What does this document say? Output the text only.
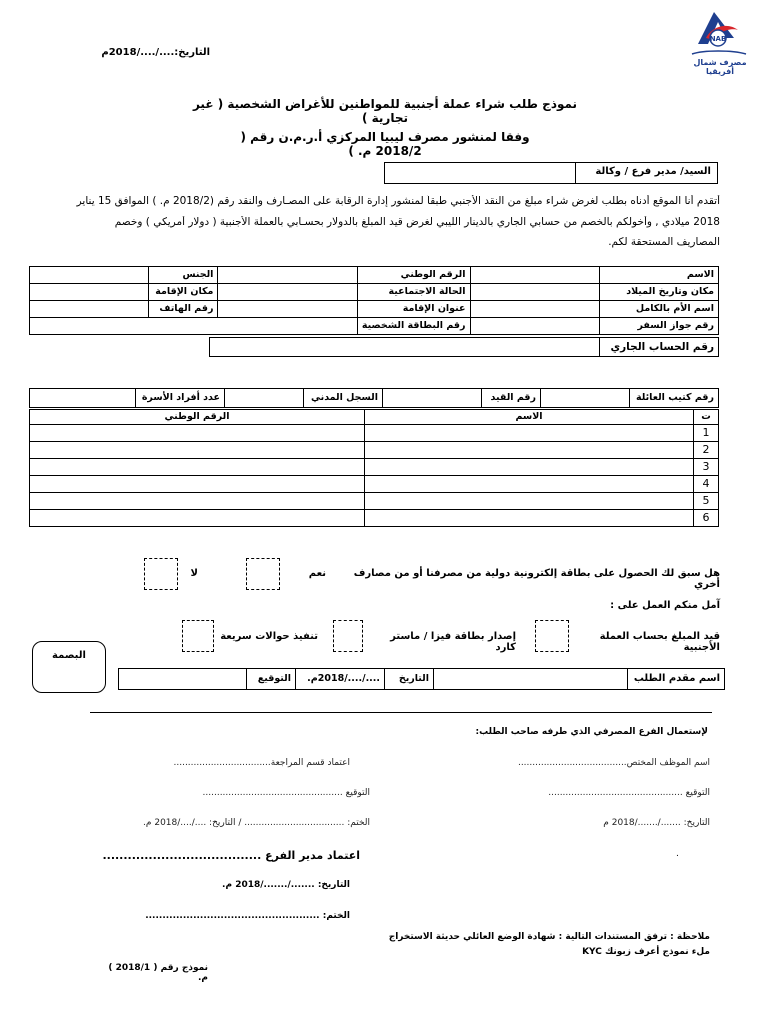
NAB
مصرف شمال أفريقيا
التاريخ:..../..../2018م
نموذج طلب شراء عملة أجنبية للمواطنين للأغراض الشخصية ( غير تجارية )
وفقا لمنشور مصرف ليبيا المركزي أ.ر.م.ن رقم ( 2018/2 م. )
السيد/ مدير فرع / وكالة
أتقدم أنا الموقع أدناه بطلب لغرض شراء مبلغ من النقد الأجنبي طبقاً لمنشور إدارة الرقابة على المصـارف والنقد رقم (2018/2 م. ) الموافق 15 يناير
2018 ميلادي , وأخولكم بالخصم من حسابي الجاري بالدينار الليبي لغرض قيد المبلغ بالدولار بحسـابي بالعملة الأجنبية ( دولار أمريكي ) وخصم
المصاريف المستحقة لكم.
الاسم		الرقم الوطني		الجنس	
مكان وتاريخ الميلاد		الحالة الاجتماعية		مكان الإقامة	
اسم الأم بالكامل		عنوان الإقامة		رقم الهاتف	
رقم جواز السفر		رقم البطاقة الشخصية			
رقم الحساب الجاري	
رقم كتيب العائلة		رقم القيد		السجل المدني		عدد أفراد الأسرة	
ت	الاسم	الرقم الوطني
1		
2		
3		
4		
5		
6		
هل سبق لك الحصول على بطاقة إلكترونية دولية من مصرفنا أو من مصارف أخري
نعم
لا
آمل منكم العمل على :
قيد المبلغ بحساب العملة الأجنبية
إصدار بطاقة فيزا / ماستر كارد
تنفيذ حوالات سريعة
البصمة
اسم مقدم الطلب		التاريخ	..../..../2018م.	التوقيع	
لإستعمال الفرع المصرفي الذي طرفه صاحب الطلب:
اسم الموظف المختص......................................
اعتماد قسم المراجعة..................................
التوقيع ...............................................
التوقيع .................................................
التاريخ: ......./......./2018 م
الختم: ................................... / التاريخ: ..../..../2018 م.
.
اعتماد مدير الفرع ......................................
التاريخ: ......./......./2018 م.
الختم: ...................................................
ملاحظة : ترفق المستندات التالية : شهادة الوضع العائلي حديثة الاستخراج
ملء نموذج أعرف زبونك KYC
نموذج رقم ( 2018/1 ) م.
